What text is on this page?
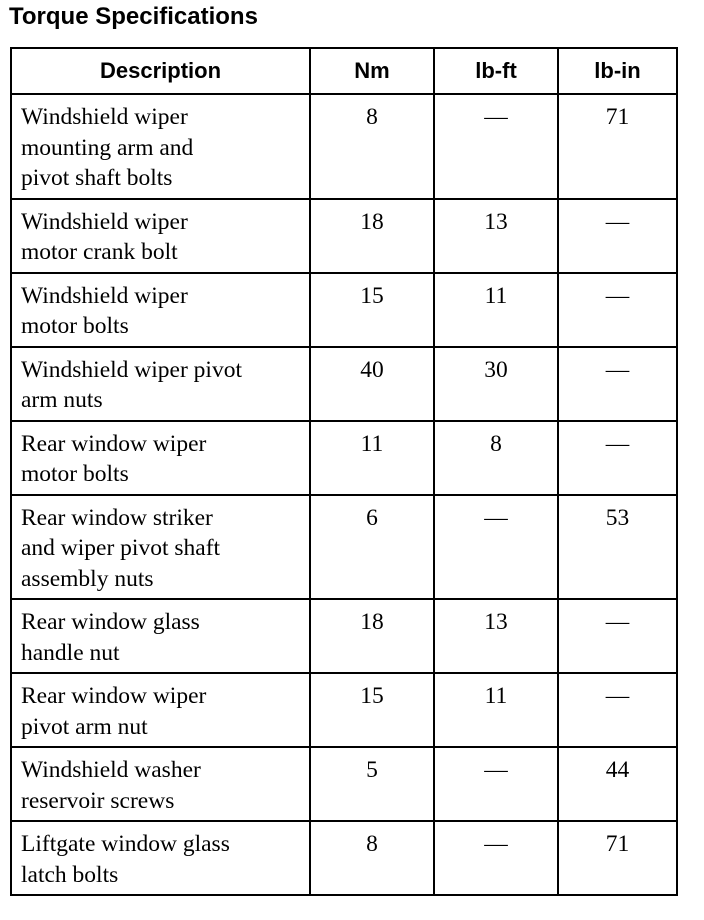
Torque Specifications
Description	Nm	lb-ft	lb-in

Windshield wiper
mounting arm and
pivot shaft bolts	8	—	71

Windshield wiper
motor crank bolt	18	13	—

Windshield wiper
motor bolts	15	11	—

Windshield wiper pivot
arm nuts	40	30	—

Rear window wiper
motor bolts	11	8	—

Rear window striker
and wiper pivot shaft
assembly nuts	6	—	53

Rear window glass
handle nut	18	13	—

Rear window wiper
pivot arm nut	15	11	—

Windshield washer
reservoir screws	5	—	44

Liftgate window glass
latch bolts	8	—	71
